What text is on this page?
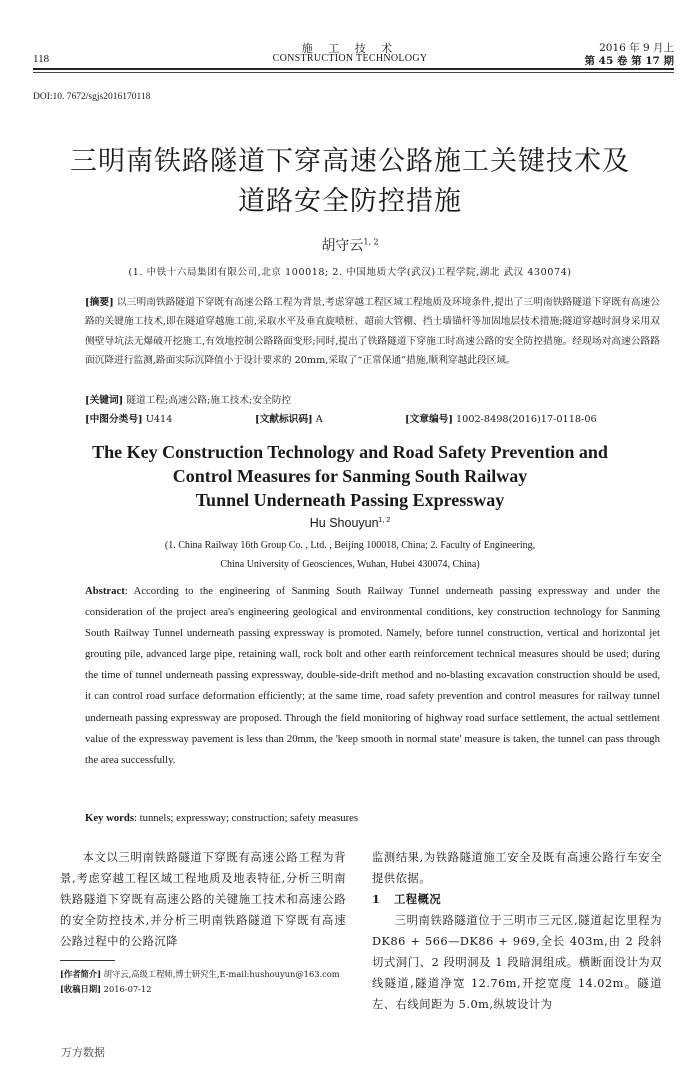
施 工 技 术
CONSTRUCTION TECHNOLOGY
118
2016 年 9 月上
第 45 卷 第 17 期
DOI:10. 7672/sgjs2016170118
三明南铁路隧道下穿高速公路施工关键技术及
道路安全防控措施
胡守云$^{1, 2}$
(1. 中铁十六局集团有限公司,北京 100018; 2. 中国地质大学(武汉)工程学院,湖北 武汉 430074)
[摘要] 以三明南铁路隧道下穿既有高速公路工程为背景,考虑穿越工程区域工程地质及环境条件,提出了三明南铁路隧道下穿既有高速公路的关键施工技术,即在隧道穿越施工前,采取水平及垂直旋喷桩、超前大管棚、挡土墙锚杆等加固地层技术措施;隧道穿越时洞身采用双侧壁导坑法无爆破开挖施工,有效地控制公路路面变形;同时,提出了铁路隧道下穿施工时高速公路的安全防控措施。经现场对高速公路路面沉降进行监测,路面实际沉降值小于设计要求的 20mm,采取了“正常保通”措施,顺利穿越此段区域。
[关键词] 隧道工程;高速公路;施工技术;安全防控
[中图分类号] U414	[文献标识码] A	[文章编号] 1002-8498(2016)17-0118-06
The Key Construction Technology and Road Safety Prevention and
Control Measures for Sanming South Railway
Tunnel Underneath Passing Expressway
Hu Shouyun$^{1, 2}$
(1. China Railway 16th Group Co. , Ltd. , Beijing 100018, China; 2. Faculty of Engineering,
China University of Geosciences, Wuhan, Hubei 430074, China)
Abstract: According to the engineering of Sanming South Railway Tunnel underneath passing expressway and under the consideration of the project area's engineering geological and environmental conditions, key construction technology for Sanming South Railway Tunnel underneath passing expressway is promoted. Namely, before tunnel construction, vertical and horizontal jet grouting pile, advanced large pipe, retaining wall, rock bolt and other earth reinforcement technical measures should be used; during the time of tunnel underneath passing expressway, double-side-drift method and no-blasting excavation construction should be used, it can control road surface deformation efficiently; at the same time, road safety prevention and control measures for railway tunnel underneath passing expressway are proposed. Through the field monitoring of highway road surface settlement, the actual settlement value of the expressway pavement is less than 20mm, the 'keep smooth in normal state' measure is taken, the tunnel can pass through the area successfully.
Key words: tunnels; expressway; construction; safety measures

本文以三明南铁路隧道下穿既有高速公路工程为背景,考虑穿越工程区域工程地质及地表特征,分析三明南铁路隧道下穿既有高速公路的关键施工技术和高速公路的安全防控技术,并分析三明南铁路隧道下穿既有高速公路过程中的公路沉降

[作者简介] 胡守云,高级工程师,博士研究生,E-mail:hushouyun@163.com
[收稿日期] 2016-07-12

监测结果,为铁路隧道施工安全及既有高速公路行车安全提供依据。

1 工程概况

三明南铁路隧道位于三明市三元区,隧道起讫里程为 DK86 + 566—DK86 + 969,全长 403m,由 2 段斜切式洞门、2 段明洞及 1 段暗洞组成。横断面设计为双线隧道,隧道净宽 12.76m,开挖宽度 14.02m。隧道左、右线间距为 5.0m,纵坡设计为

万方数据
